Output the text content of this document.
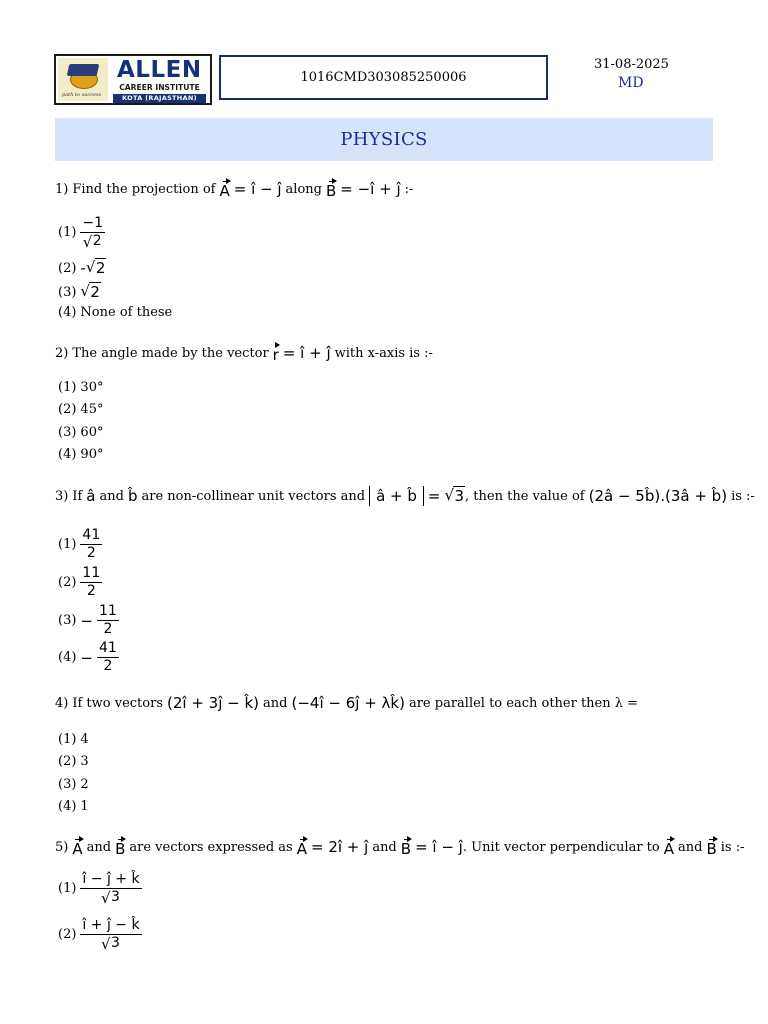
path to success
ALLEN
CAREER INSTITUTE
KOTA (RAJASTHAN)
1016CMD303085250006
31-08-2025
MD
PHYSICS
1) Find the projection of A = î − ĵ along B = −î + ĵ :-
$(1) \frac{-1}{√ 2}$
(2) - √ 2
(3) √ 2
(4) None of these
2) The angle made by the vector r = î + ĵ with x-axis is :-
(1) 30°
(2) 45°
(3) 60°
(4) 90°
3) If â and b̂ are non-collinear unit vectors and â + b̂ = √ 3 , then the value of (2â − 5b̂).(3â + b̂) is :-
$(1) \frac{41}{2}$
$(2) \frac{11}{2}$
$(3) - \frac{11}{2}$
$(4) - \frac{41}{2}$
4) If two vectors (2î + 3ĵ − k̂) and (−4î − 6ĵ + λk̂) are parallel to each other then λ =
(1) 4
(2) 3
(3) 2
(4) 1
5) A and B are vectors expressed as A = 2î + ĵ and B = î − ĵ . Unit vector perpendicular to A and B is :-
$(1) \frac{î - ĵ + k̂}{√ 3}$
$(2) \frac{î + ĵ - k̂}{√ 3}$
